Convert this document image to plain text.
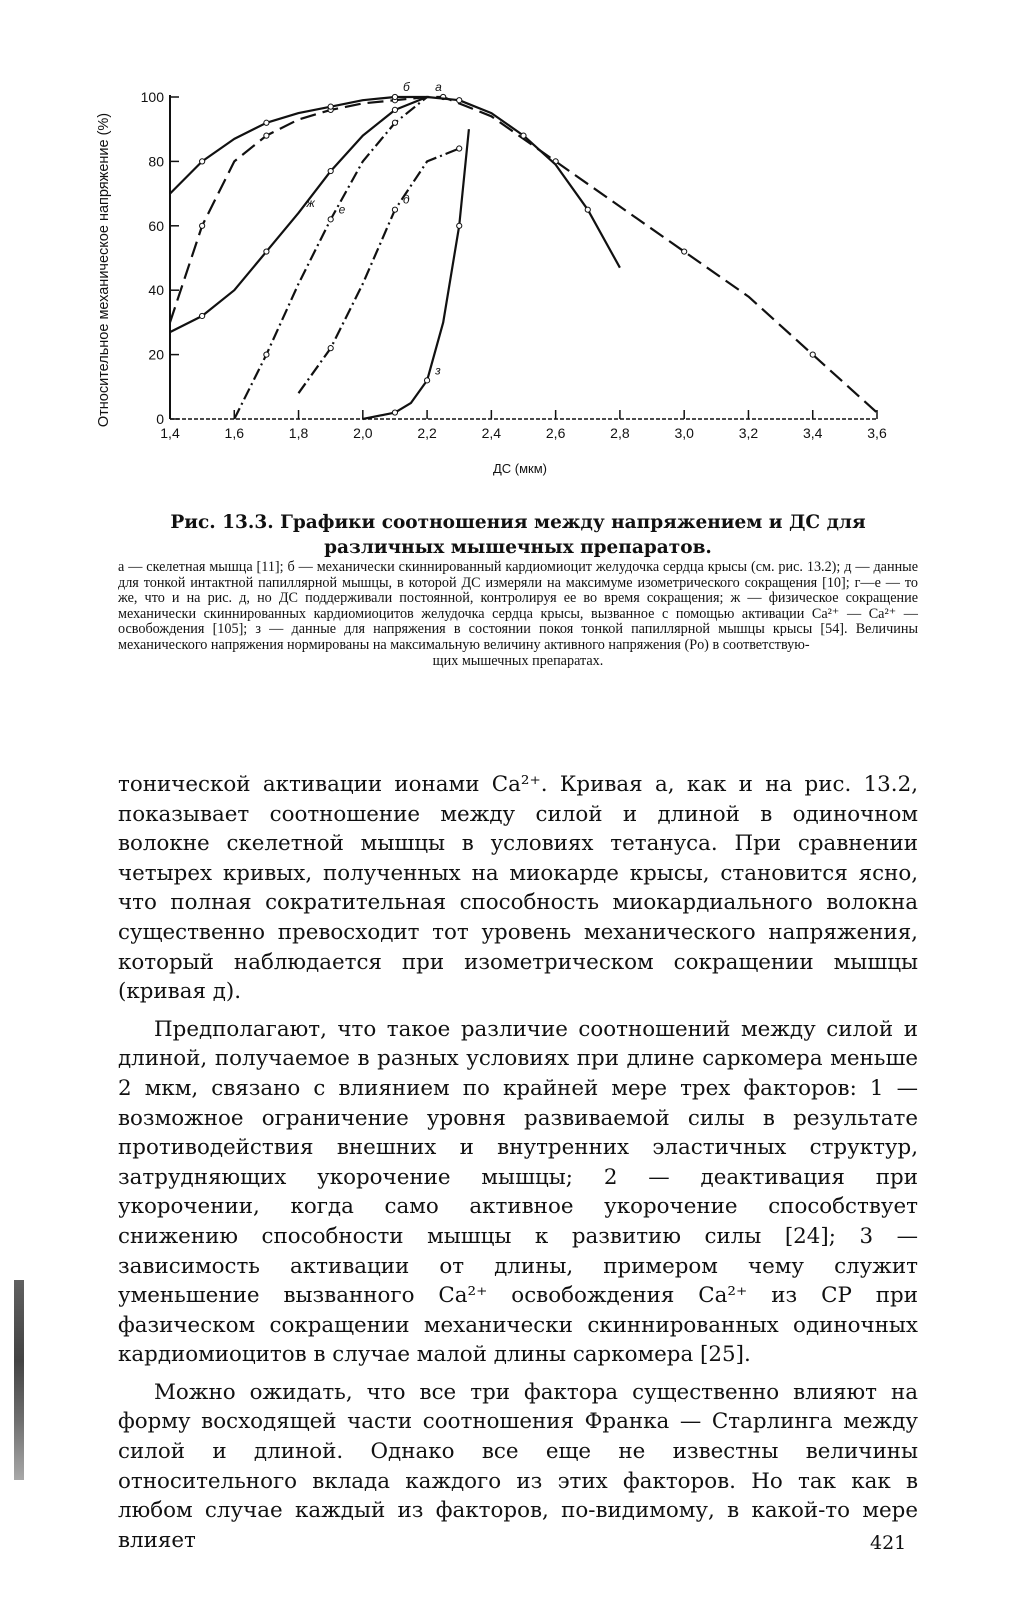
Относительное механическое напряжение (%)	0
20
40
60
80
100
1,4	1,6	1,8	2,0	2,2	2,4	2,6	2,8	3,0	3,2	3,4	3,6
а
б
д
е
ж
з
ДС (мкм)
Рис. 13.3. Графики соотношения между напряжением и ДС для различных мышечных препаратов.
а — скелетная мышца [11]; б — механически скиннированный кардиомиоцит желудочка сердца крысы (см. рис. 13.2); д — данные для тонкой интактной папиллярной мышцы, в которой ДС измеряли на максимуме изометрического сокращения [10]; г—е — то же, что и на рис. д, но ДС поддерживали постоянной, контролируя ее во время сокращения; ж — физическое сокращение механически скиннированных кардиомиоцитов желудочка сердца крысы, вызванное с помощью активации Ca²⁺ — Ca²⁺ — освобождения [105]; з — данные для напряжения в состоянии покоя тонкой папиллярной мышцы крысы [54]. Величины механического напряжения нормированы на максимальную величину активного напряжения (Po) в соответствую-
щих мышечных препаратах.

тонической активации ионами Ca²⁺. Кривая а, как и на рис. 13.2, показывает соотношение между силой и длиной в одиночном волокне скелетной мышцы в условиях тетануса. При сравнении четырех кривых, полученных на миокарде крысы, становится ясно, что полная сократительная способность миокардиального волокна существенно превосходит тот уровень механического напряжения, который наблюдается при изометрическом сокращении мышцы (кривая д).

Предполагают, что такое различие соотношений между силой и длиной, получаемое в разных условиях при длине саркомера меньше 2 мкм, связано с влиянием по крайней мере трех факторов: 1 — возможное ограничение уровня развиваемой силы в результате противодействия внешних и внутренних эластичных структур, затрудняющих укорочение мышцы; 2 — деактивация при укорочении, когда само активное укорочение способствует снижению способности мышцы к развитию силы [24]; 3 — зависимость активации от длины, примером чему служит уменьшение вызванного Ca²⁺ освобождения Ca²⁺ из СР при фазическом сокращении механически скиннированных одиночных кардиомиоцитов в случае малой длины саркомера [25].

Можно ожидать, что все три фактора существенно влияют на форму восходящей части соотношения Франка — Старлинга между силой и длиной. Однако все еще не известны величины относительного вклада каждого из этих факторов. Но так как в любом случае каждый из факторов, по-видимому, в какой-то мере влияет	421
